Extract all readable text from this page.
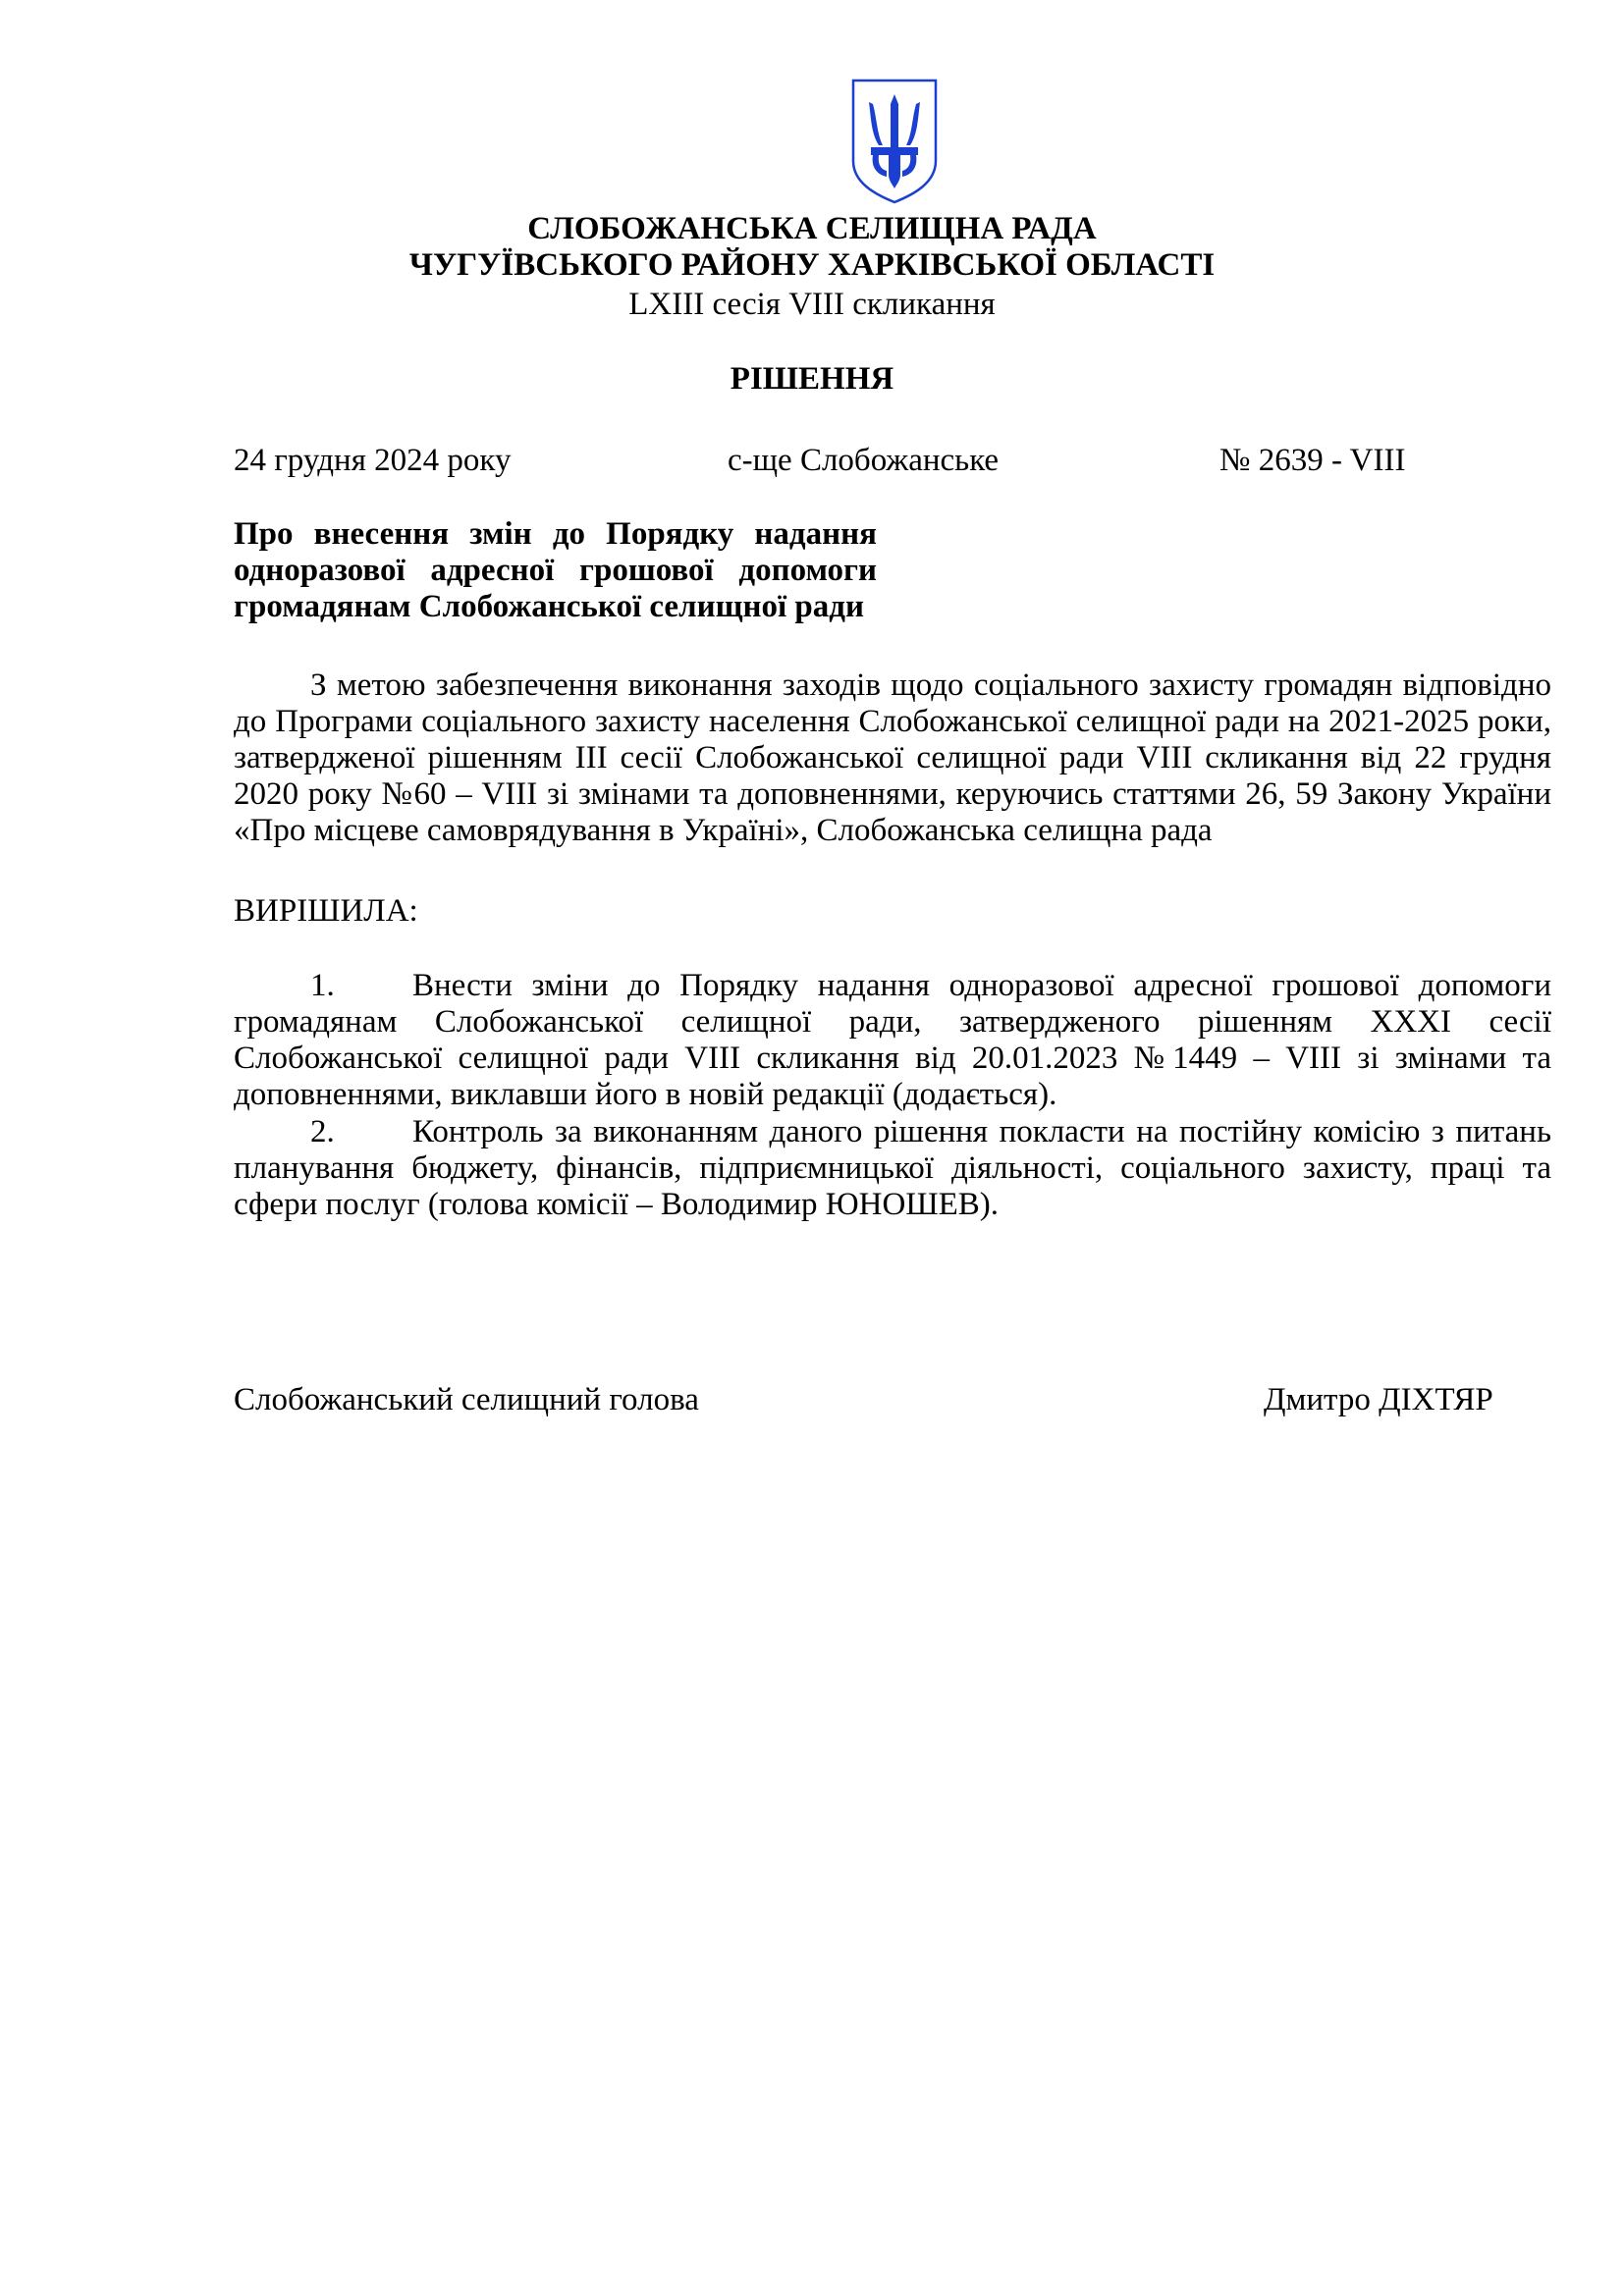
СЛОБОЖАНСЬКА СЕЛИЩНА РАДА
ЧУГУЇВСЬКОГО РАЙОНУ ХАРКІВСЬКОЇ ОБЛАСТІ
LXIII сесія VIII скликання
РІШЕННЯ
24 грудня 2024 року	с-ще Слобожанське	№ 2639 - VIII
Про внесення змін до Порядку надання
одноразової адресної грошової допомоги
громадянам Слобожанської селищної ради
З метою забезпечення виконання заходів щодо соціального захисту громадян відповідно до Програми соціального захисту населення Слобожанської селищної ради на 2021-2025 роки, затвердженої рішенням ІІІ сесії Слобожанської селищної ради VIIІ скликання від 22 грудня 2020 року №60 – VIII зі змінами та доповненнями, керуючись статтями 26, 59 Закону України «Про місцеве самоврядування в Україні», Слобожанська селищна рада
ВИРІШИЛА:
1. Внести зміни до Порядку надання одноразової адресної грошової допомоги громадянам Слобожанської селищної ради, затвердженого рішенням ХХХІ сесії Слобожанської селищної ради VIII скликання від 20.01.2023 №1449 – VIII зі змінами та доповненнями, виклавши його в новій редакції (додається).
2. Контроль за виконанням даного рішення покласти на постійну комісію з питань планування бюджету, фінансів, підприємницької діяльності, соціального захисту, праці та сфери послуг (голова комісії – Володимир ЮНОШЕВ).
Слобожанський селищний голова	Дмитро ДІХТЯР
